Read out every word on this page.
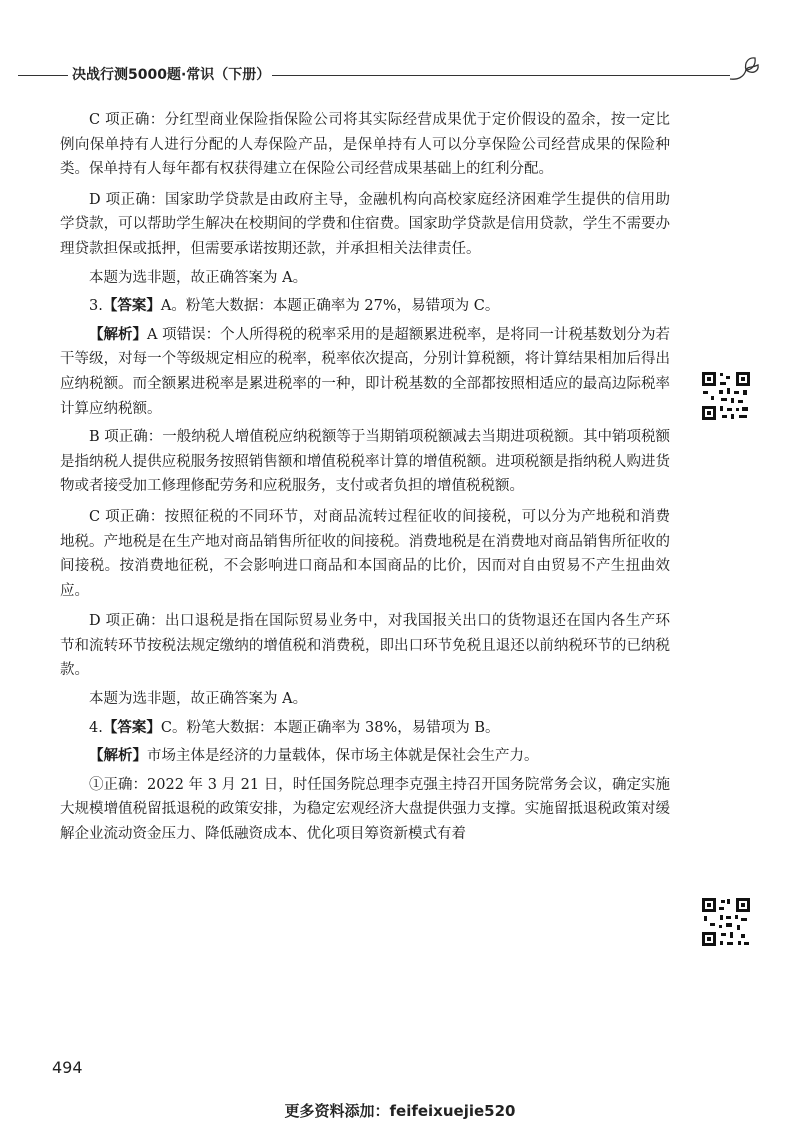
决战行测5000题·常识（下册）

C 项正确：分红型商业保险指保险公司将其实际经营成果优于定价假设的盈余，按一定比例向保单持有人进行分配的人寿保险产品，是保单持有人可以分享保险公司经营成果的保险种类。保单持有人每年都有权获得建立在保险公司经营成果基础上的红利分配。

D 项正确：国家助学贷款是由政府主导，金融机构向高校家庭经济困难学生提供的信用助学贷款，可以帮助学生解决在校期间的学费和住宿费。国家助学贷款是信用贷款，学生不需要办理贷款担保或抵押，但需要承诺按期还款，并承担相关法律责任。

本题为选非题，故正确答案为 A。

3.【答案】A。粉笔大数据：本题正确率为 27%，易错项为 C。

【解析】A 项错误：个人所得税的税率采用的是超额累进税率，是将同一计税基数划分为若干等级，对每一个等级规定相应的税率，税率依次提高，分别计算税额，将计算结果相加后得出应纳税额。而全额累进税率是累进税率的一种，即计税基数的全部都按照相适应的最高边际税率计算应纳税额。

B 项正确：一般纳税人增值税应纳税额等于当期销项税额减去当期进项税额。其中销项税额是指纳税人提供应税服务按照销售额和增值税税率计算的增值税额。进项税额是指纳税人购进货物或者接受加工修理修配劳务和应税服务，支付或者负担的增值税税额。

C 项正确：按照征税的不同环节，对商品流转过程征收的间接税，可以分为产地税和消费地税。产地税是在生产地对商品销售所征收的间接税。消费地税是在消费地对商品销售所征收的间接税。按消费地征税，不会影响进口商品和本国商品的比价，因而对自由贸易不产生扭曲效应。

D 项正确：出口退税是指在国际贸易业务中，对我国报关出口的货物退还在国内各生产环节和流转环节按税法规定缴纳的增值税和消费税，即出口环节免税且退还以前纳税环节的已纳税款。

本题为选非题，故正确答案为 A。

4.【答案】C。粉笔大数据：本题正确率为 38%，易错项为 B。

【解析】市场主体是经济的力量载体，保市场主体就是保社会生产力。

①正确：2022 年 3 月 21 日，时任国务院总理李克强主持召开国务院常务会议，确定实施大规模增值税留抵退税的政策安排，为稳定宏观经济大盘提供强力支撑。实施留抵退税政策对缓解企业流动资金压力、降低融资成本、优化项目筹资新模式有着

494
更多资料添加：feifeixuejie520
